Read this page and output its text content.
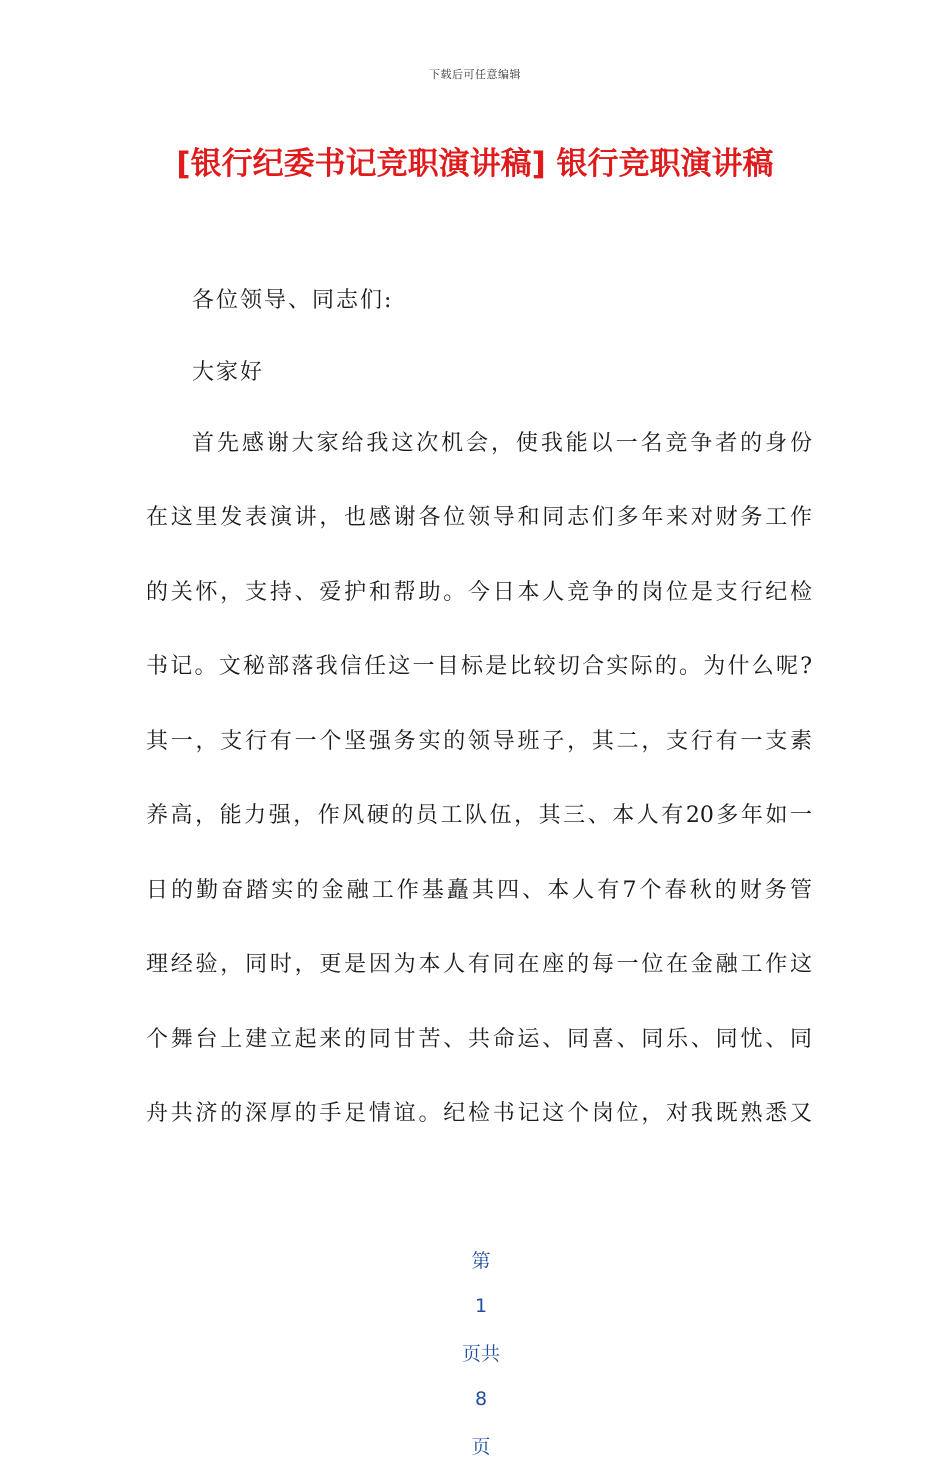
下载后可任意编辑
[银行纪委书记竞职演讲稿] 银行竞职演讲稿
各位领导、同志们:
大家好
首先感谢大家给我这次机会，使我能以一名竞争者的身份
在这里发表演讲，也感谢各位领导和同志们多年来对财务工作
的关怀，支持、爱护和帮助。今日本人竞争的岗位是支行纪检
书记。文秘部落我信任这一目标是比较切合实际的。为什么呢?
其一，支行有一个坚强务实的领导班子，其二，支行有一支素
养高，能力强，作风硬的员工队伍，其三、本人有20多年如一
日的勤奋踏实的金融工作基矗其四、本人有7个春秋的财务管
理经验，同时，更是因为本人有同在座的每一位在金融工作这
个舞台上建立起来的同甘苦、共命运、同喜、同乐、同忧、同
舟共济的深厚的手足情谊。纪检书记这个岗位，对我既熟悉又

第

1

页共

8

页
